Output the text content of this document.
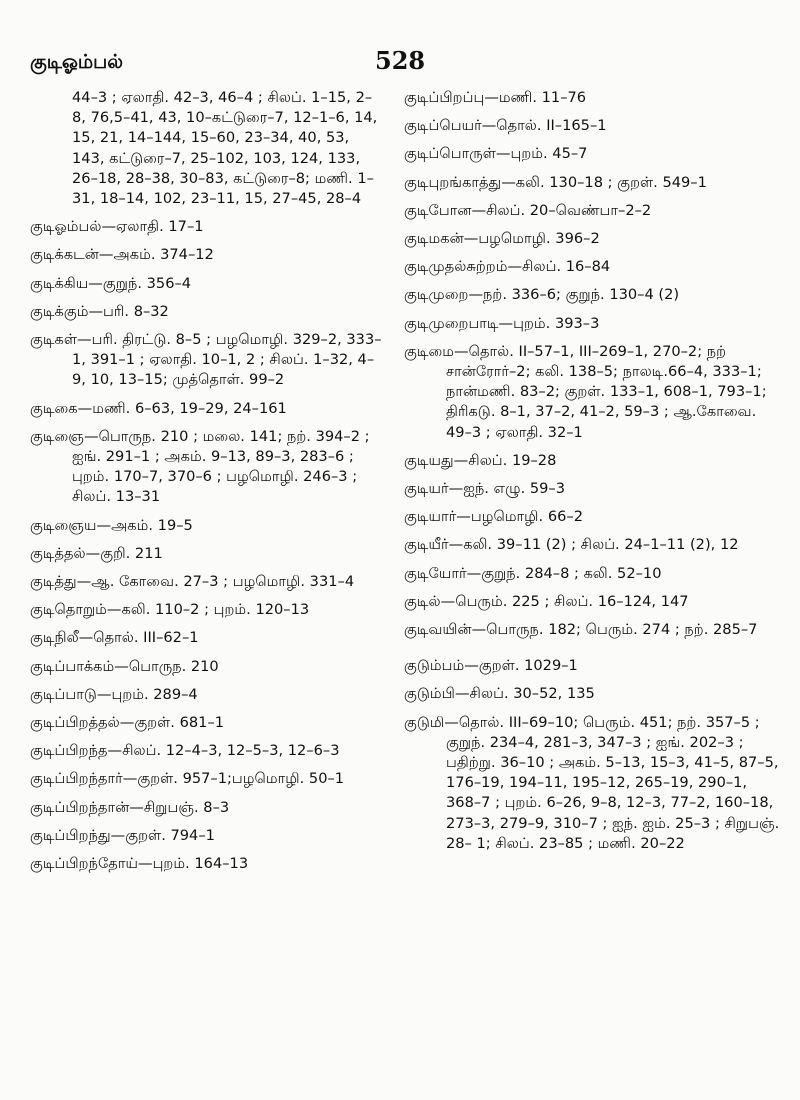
குடிஓம்பல்	528

44–3 ; ஏலாதி. 42–3, 46–4 ; சிலப். 1–15, 2–8, 76,5–41, 43, 10–கட்டுரை–7, 12–1–6, 14, 15, 21, 14–144, 15–60, 23–34, 40, 53, 143, கட்டுரை–7, 25–102, 103, 124, 133, 26–18, 28–38, 30–83, கட்டுரை–8; மணி. 1–31, 18–14, 102, 23–11, 15, 27–45, 28–4

குடிஓம்பல்—ஏலாதி. 17–1

குடிக்கடன்—அகம். 374–12

குடிக்கிய—குறுந். 356–4

குடிக்கும்—பரி. 8–32

குடிகள்—பரி. திரட்டு. 8–5 ; பழமொழி. 329–2, 333–1, 391–1 ; ஏலாதி. 10–1, 2 ; சிலப். 1–32, 4–9, 10, 13–15; முத்தொள். 99–2

குடிகை—மணி. 6–63, 19–29, 24–161

குடிஞை—பொருந. 210 ; மலை. 141; நற். 394–2 ; ஐங். 291–1 ; அகம். 9–13, 89–3, 283–6 ; புறம். 170–7, 370–6 ; பழமொழி. 246–3 ; சிலப். 13–31

குடிஞைய—அகம். 19–5

குடித்தல்—குறி. 211

குடித்து—ஆ. கோவை. 27–3 ; பழமொழி. 331–4

குடிதொறும்—கலி. 110–2 ; புறம். 120–13

குடிநிலீ—தொல். III–62–1

குடிப்பாக்கம்—பொருந. 210

குடிப்பாடு—புறம். 289–4

குடிப்பிறத்தல்—குறள். 681–1

குடிப்பிறந்த—சிலப். 12–4–3, 12–5–3, 12–6–3

குடிப்பிறந்தார்—குறள். 957–1;பழமொழி. 50–1

குடிப்பிறந்தான்—சிறுபஞ். 8–3

குடிப்பிறந்து—குறள். 794–1

குடிப்பிறந்தோய்—புறம். 164–13

குடிப்பிறப்பு—மணி. 11–76

குடிப்பெயர்—தொல். II–165–1

குடிப்பொருள்—புறம். 45–7

குடிபுறங்காத்து—கலி. 130–18 ; குறள். 549–1

குடிபோன—சிலப். 20–வெண்பா–2–2

குடிமகன்—பழமொழி. 396–2

குடிமுதல்சுற்றம்—சிலப். 16–84

குடிமுறை—நற். 336–6; குறுந். 130–4 (2)

குடிமுறைபாடி—புறம். 393–3

குடிமை—தொல். II–57–1, III–269–1, 270–2; நற் சான்ரோர்–2; கலி. 138–5; நாலடி.66–4, 333–1; நான்மணி. 83–2; குறள். 133–1, 608–1, 793–1; திரிகடு. 8–1, 37–2, 41–2, 59–3 ; ஆ.கோவை. 49–3 ; ஏலாதி. 32–1

குடியது—சிலப். 19–28

குடியர்—ஐந். எழு. 59–3

குடியார்—பழமொழி. 66–2

குடியீர்—கலி. 39–11 (2) ; சிலப். 24–1–11 (2), 12

குடியோர்—குறுந். 284–8 ; கலி. 52–10

குடில்—பெரும். 225 ; சிலப். 16–124, 147

குடிவயின்—பொருந. 182; பெரும். 274 ; நற். 285–7

குடும்பம்—குறள். 1029–1

குடும்பி—சிலப். 30–52, 135

குடுமி—தொல். III–69–10; பெரும். 451; நற். 357–5 ; குறுந். 234–4, 281–3, 347–3 ; ஐங். 202–3 ; பதிற்று. 36–10 ; அகம். 5–13, 15–3, 41–5, 87–5, 176–19, 194–11, 195–12, 265–19, 290–1, 368–7 ; புறம். 6–26, 9–8, 12–3, 77–2, 160–18, 273–3, 279–9, 310–7 ; ஐந். ஐம். 25–3 ; சிறுபஞ். 28– 1; சிலப். 23–85 ; மணி. 20–22
